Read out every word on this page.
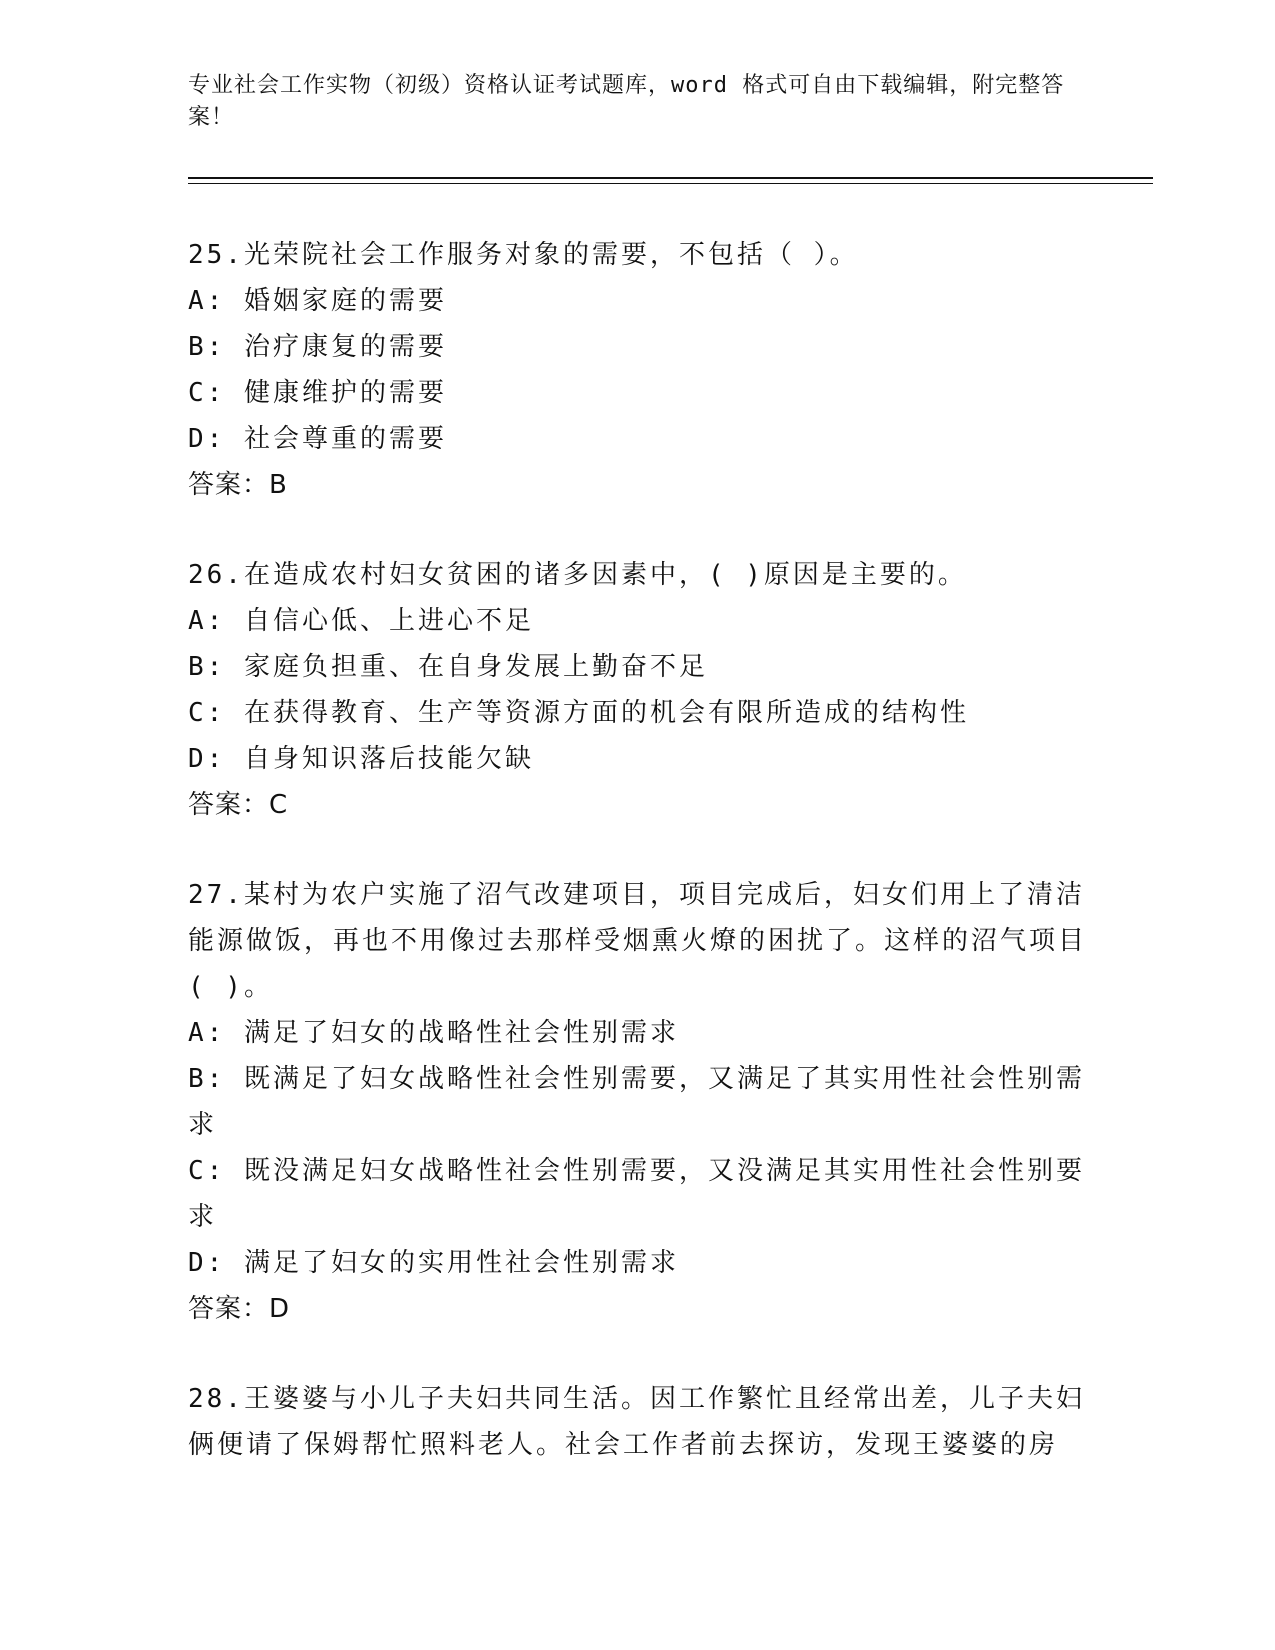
专业社会工作实物（初级）资格认证考试题库，word 格式可自由下载编辑，附完整答案！
25.光荣院社会工作服务对象的需要，不包括（ ）。
A: 婚姻家庭的需要
B: 治疗康复的需要
C: 健康维护的需要
D: 社会尊重的需要
答案：B
26.在造成农村妇女贫困的诸多因素中，( )原因是主要的。
A: 自信心低、上进心不足
B: 家庭负担重、在自身发展上勤奋不足
C: 在获得教育、生产等资源方面的机会有限所造成的结构性
D: 自身知识落后技能欠缺
答案：C
27.某村为农户实施了沼气改建项目，项目完成后，妇女们用上了清洁能源做饭，再也不用像过去那样受烟熏火燎的困扰了。这样的沼气项目( )。
A: 满足了妇女的战略性社会性别需求
B: 既满足了妇女战略性社会性别需要，又满足了其实用性社会性别需求
C: 既没满足妇女战略性社会性别需要，又没满足其实用性社会性别要求
D: 满足了妇女的实用性社会性别需求
答案：D
28.王婆婆与小儿子夫妇共同生活。因工作繁忙且经常出差，儿子夫妇俩便请了保姆帮忙照料老人。社会工作者前去探访，发现王婆婆的房
